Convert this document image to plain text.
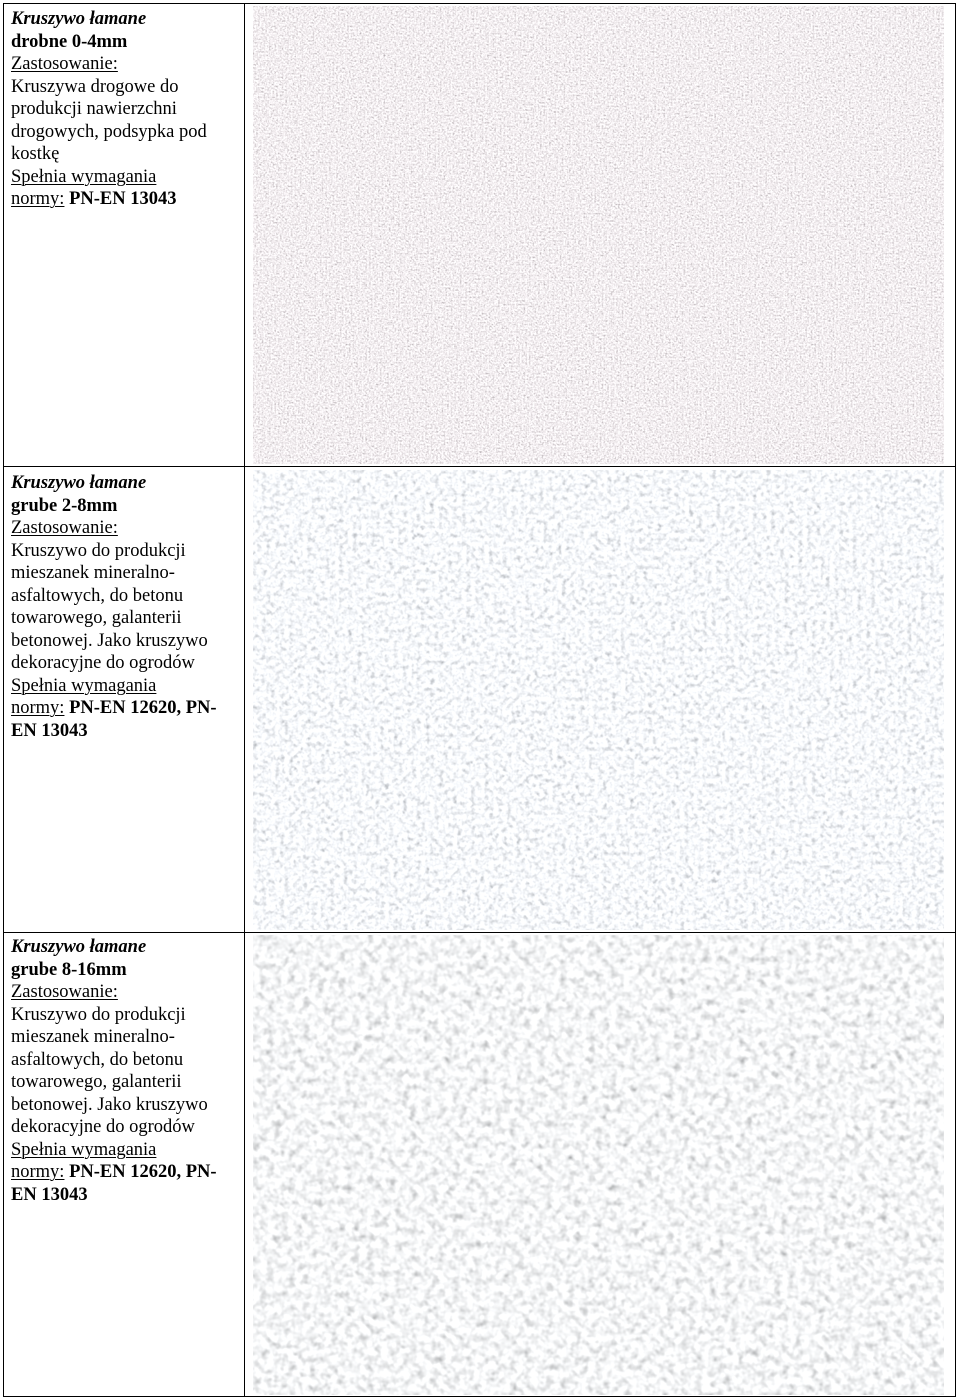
Kruszywo łamane
drobne 0-4mm

Zastosowanie:

Kruszywa drogowe do produkcji nawierzchni drogowych, podsypka pod kostkę

Spełnia wymagania

normy: PN-EN 13043

Kruszywo łamane
grube 2-8mm

Zastosowanie:

Kruszywo do produkcji mieszanek mineralno-asfaltowych, do betonu towarowego, galanterii betonowej. Jako kruszywo dekoracyjne do ogrodów

Spełnia wymagania

normy: PN-EN 12620, PN-EN 13043

Kruszywo łamane
grube 8-16mm

Zastosowanie:

Kruszywo do produkcji mieszanek mineralno-asfaltowych, do betonu towarowego, galanterii betonowej. Jako kruszywo dekoracyjne do ogrodów

Spełnia wymagania

normy: PN-EN 12620, PN-EN 13043
